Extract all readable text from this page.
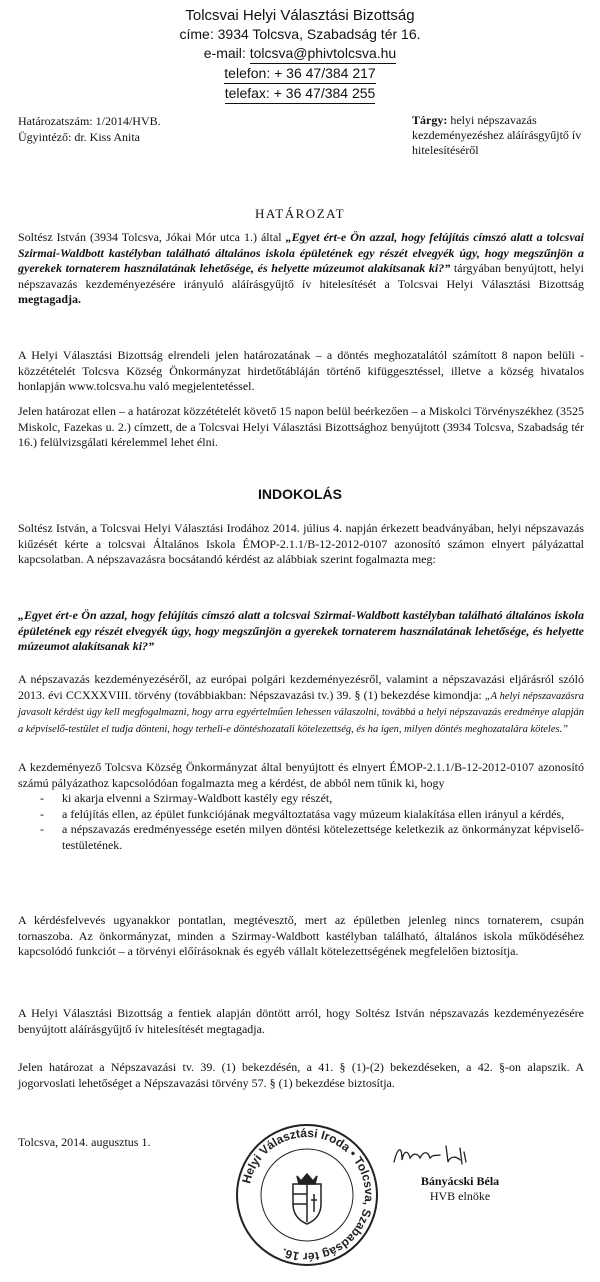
Tolcsvai Helyi Választási Bizottság
címe: 3934 Tolcsva, Szabadság tér 16.
e-mail: tolcsva@phivtolcsva.hu
telefon: + 36 47/384 217
telefax: + 36 47/384 255
Határozatszám: 1/2014/HVB.
Ügyintéző: dr. Kiss Anita
Tárgy: helyi népszavazás kezdeményezéshez aláírásgyűjtő ív hitelesítéséről
HATÁROZAT
Soltész István (3934 Tolcsva, Jókai Mór utca 1.) által „Egyet ért-e Ön azzal, hogy felújítás címszó alatt a tolcsvai Szirmai-Waldbott kastélyban található általános iskola épületének egy részét elvegyék úgy, hogy megszűnjön a gyerekek tornaterem használatának lehetősége, és helyette múzeumot alakítsanak ki?” tárgyában benyújtott, helyi népszavazás kezdeményezésére irányuló aláírásgyűjtő ív hitelesítését a Tolcsvai Helyi Választási Bizottság megtagadja.
A Helyi Választási Bizottság elrendeli jelen határozatának – a döntés meghozatalától számított 8 napon belüli - közzétételét Tolcsva Község Önkormányzat hirdetőtábláján történő kifüggesztéssel, illetve a község hivatalos honlapján www.tolcsva.hu való megjelentetéssel.
Jelen határozat ellen – a határozat közzétételét követő 15 napon belül beérkezően – a Miskolci Törvényszékhez (3525 Miskolc, Fazekas u. 2.) címzett, de a Tolcsvai Helyi Választási Bizottsághoz benyújtott (3934 Tolcsva, Szabadság tér 16.) felülvizsgálati kérelemmel lehet élni.
INDOKOLÁS
Soltész István, a Tolcsvai Helyi Választási Irodához 2014. július 4. napján érkezett beadványában, helyi népszavazás kiűzését kérte a tolcsvai Általános Iskola ÉMOP-2.1.1/B-12-2012-0107 azonosító számon elnyert pályázattal kapcsolatban. A népszavazásra bocsátandó kérdést az alábbiak szerint fogalmazta meg:
„Egyet ért-e Ön azzal, hogy felújítás címszó alatt a tolcsvai Szirmai-Waldbott kastélyban található általános iskola épületének egy részét elvegyék úgy, hogy megszűnjön a gyerekek tornaterem használatának lehetősége, és helyette múzeumot alakítsanak ki?”
A népszavazás kezdeményezéséről, az európai polgári kezdeményezésről, valamint a népszavazási eljárásról szóló 2013. évi CCXXXVIII. törvény (továbbiakban: Népszavazási tv.) 39. § (1) bekezdése kimondja: „A helyi népszavazásra javasolt kérdést úgy kell megfogalmazni, hogy arra egyértelműen lehessen válaszolni, továbbá a helyi népszavazás eredménye alapján a képviselő-testület el tudja dönteni, hogy terheli-e döntéshozatali kötelezettség, és ha igen, milyen döntés meghozatalára köteles.”
A kezdeményező Tolcsva Község Önkormányzat által benyújtott és elnyert ÉMOP-2.1.1/B-12-2012-0107 azonosító számú pályázathoz kapcsolódóan fogalmazta meg a kérdést, de abból nem tűnik ki, hogy
- ki akarja elvenni a Szirmay-Waldbott kastély egy részét,
- a felújítás ellen, az épület funkciójának megváltoztatása vagy múzeum kialakítása ellen irányul a kérdés,
- a népszavazás eredményessége esetén milyen döntési kötelezettsége keletkezik az önkormányzat képviselő-testületének.
A kérdésfelvevés ugyanakkor pontatlan, megtévesztő, mert az épületben jelenleg nincs tornaterem, csupán tornaszoba. Az önkormányzat, minden a Szirmay-Waldbott kastélyban található, általános iskola működéséhez kapcsolódó funkciót – a törvényi előírásoknak és egyéb vállalt kötelezettségének megfelelően biztosítja.
A Helyi Választási Bizottság a fentiek alapján döntött arról, hogy Soltész István népszavazás kezdeményezésére benyújtott aláírásgyűjtő ív hitelesítését megtagadja.
Jelen határozat a Népszavazási tv. 39. (1) bekezdésén, a 41. § (1)-(2) bekezdéseken, a 42. §-on alapszik. A jogorvoslati lehetőséget a Népszavazási törvény 57. § (1) bekezdése biztosítja.
Tolcsva, 2014. augusztus 1.
Helyi Választási Iroda • Tolcsva, Szabadság tér 16.
Bányácski Béla
HVB elnöke
